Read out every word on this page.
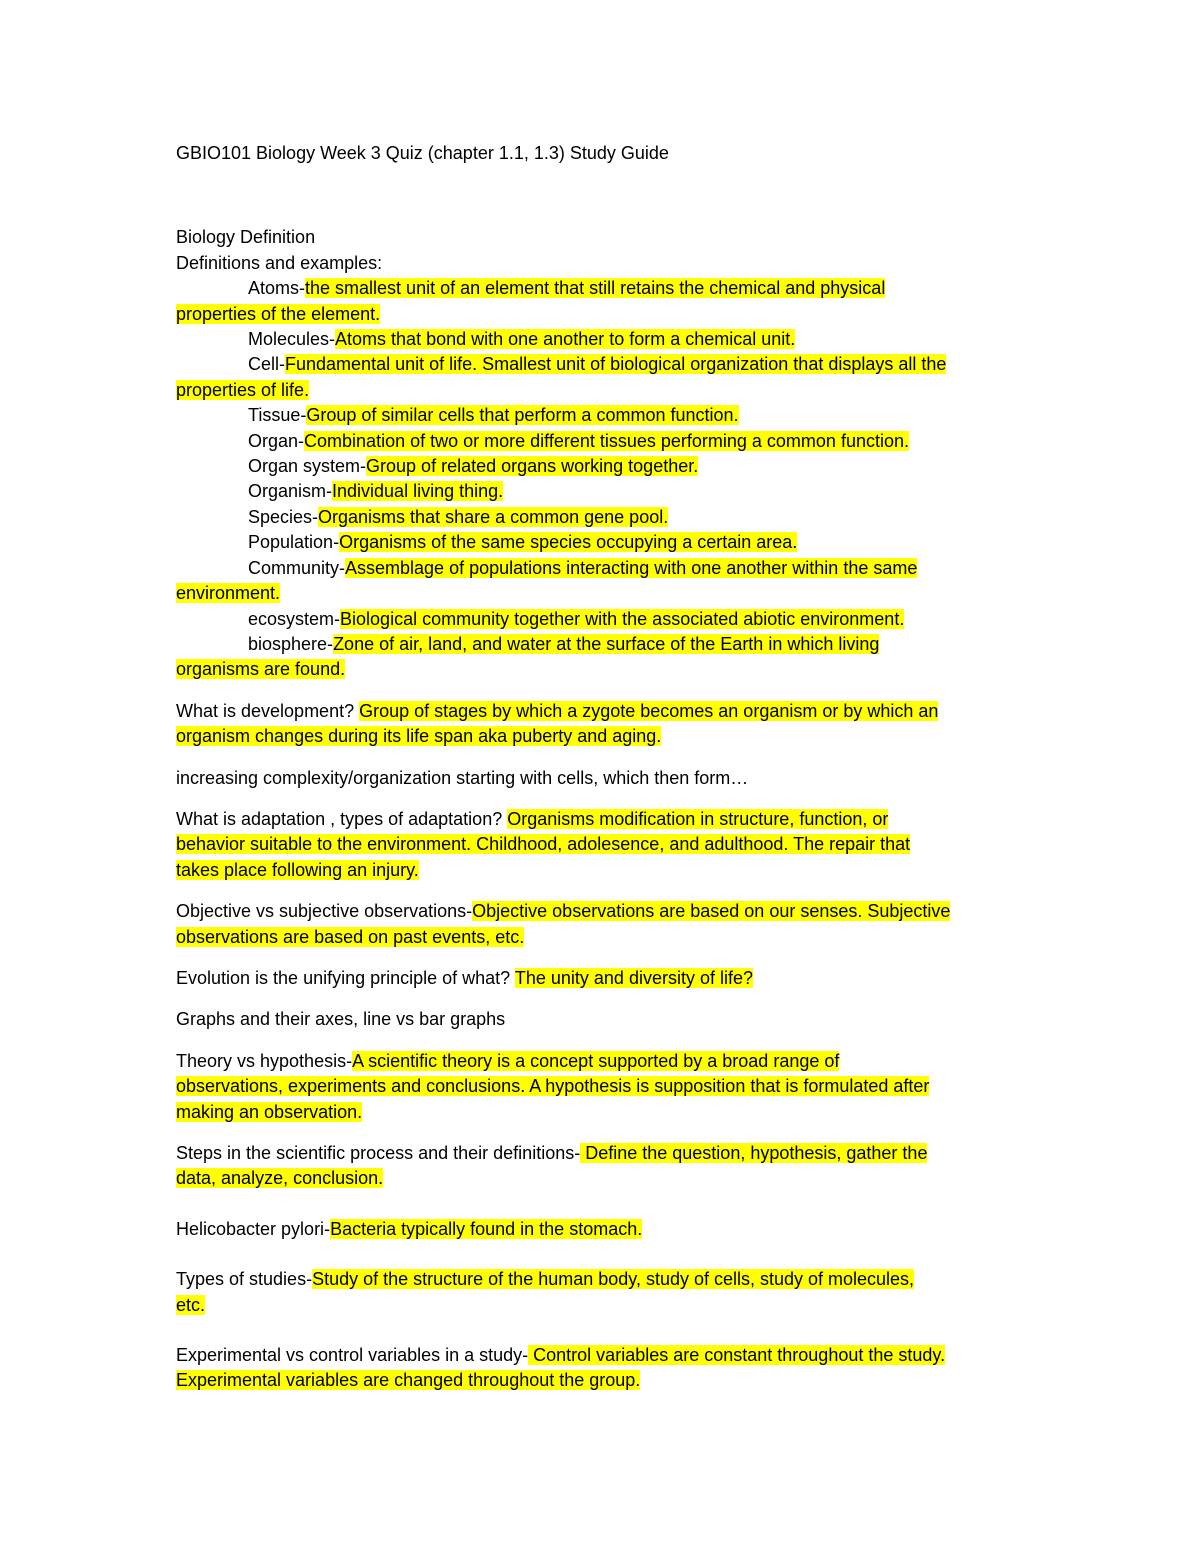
GBIO101 Biology Week 3 Quiz (chapter 1.1, 1.3) Study Guide
Biology Definition
Definitions and examples:
Atoms-the smallest unit of an element that still retains the chemical and physical
properties of the element.
Molecules-Atoms that bond with one another to form a chemical unit.
Cell-Fundamental unit of life. Smallest unit of biological organization that displays all the
properties of life.
Tissue-Group of similar cells that perform a common function.
Organ-Combination of two or more different tissues performing a common function.
Organ system-Group of related organs working together.
Organism-Individual living thing.
Species-Organisms that share a common gene pool.
Population-Organisms of the same species occupying a certain area.
Community-Assemblage of populations interacting with one another within the same
environment.
ecosystem-Biological community together with the associated abiotic environment.
biosphere-Zone of air, land, and water at the surface of the Earth in which living
organisms are found.
What is development? Group of stages by which a zygote becomes an organism or by which an
organism changes during its life span aka puberty and aging.
increasing complexity/organization starting with cells, which then form…
What is adaptation , types of adaptation? Organisms modification in structure, function, or
behavior suitable to the environment. Childhood, adolesence, and adulthood. The repair that
takes place following an injury.
Objective vs subjective observations-Objective observations are based on our senses. Subjective
observations are based on past events, etc.
Evolution is the unifying principle of what? The unity and diversity of life?
Graphs and their axes, line vs bar graphs
Theory vs hypothesis-A scientific theory is a concept supported by a broad range of
observations, experiments and conclusions. A hypothesis is supposition that is formulated after
making an observation.
Steps in the scientific process and their definitions- Define the question, hypothesis, gather the
data, analyze, conclusion.
Helicobacter pylori-Bacteria typically found in the stomach.
Types of studies-Study of the structure of the human body, study of cells, study of molecules,
etc.
Experimental vs control variables in a study- Control variables are constant throughout the study.
Experimental variables are changed throughout the group.
